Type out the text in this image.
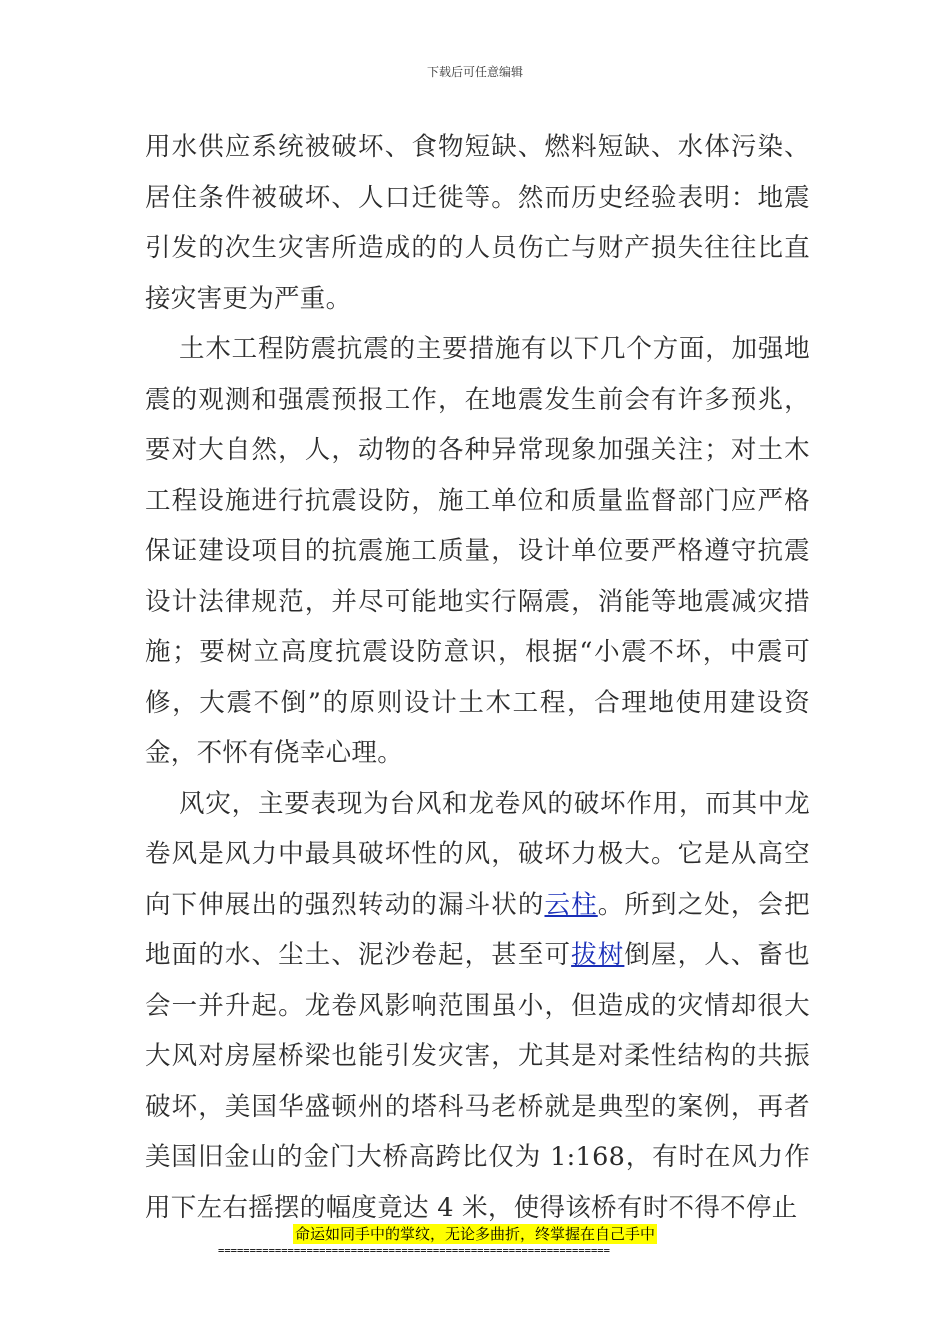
下载后可任意编辑

用水供应系统被破坏、食物短缺、燃料短缺、水体污染、居住条件被破坏、人口迁徙等。然而历史经验表明：地震引发的次生灾害所造成的的人员伤亡与财产损失往往比直接灾害更为严重。

土木工程防震抗震的主要措施有以下几个方面，加强地震的观测和强震预报工作，在地震发生前会有许多预兆，要对大自然，人，动物的各种异常现象加强关注；对土木工程设施进行抗震设防，施工单位和质量监督部门应严格保证建设项目的抗震施工质量，设计单位要严格遵守抗震设计法律规范，并尽可能地实行隔震，消能等地震减灾措施；要树立高度抗震设防意识，根据“小震不坏，中震可修，大震不倒”的原则设计土木工程，合理地使用建设资金，不怀有侥幸心理。

风灾，主要表现为台风和龙卷风的破坏作用，而其中龙卷风是风力中最具破坏性的风，破坏力极大。它是从高空向下伸展出的强烈转动的漏斗状的云柱。所到之处，会把地面的水、尘土、泥沙卷起，甚至可拔树倒屋，人、畜也会一并升起。龙卷风影响范围虽小，但造成的灾情却很大大风对房屋桥梁也能引发灾害，尤其是对柔性结构的共振破坏，美国华盛顿州的塔科马老桥就是典型的案例，再者美国旧金山的金门大桥高跨比仅为 1:168，有时在风力作用下左右摇摆的幅度竟达 4 米，使得该桥有时不得不停止

命运如同手中的掌纹，无论多曲折，终掌握在自己手中
==============================================================
